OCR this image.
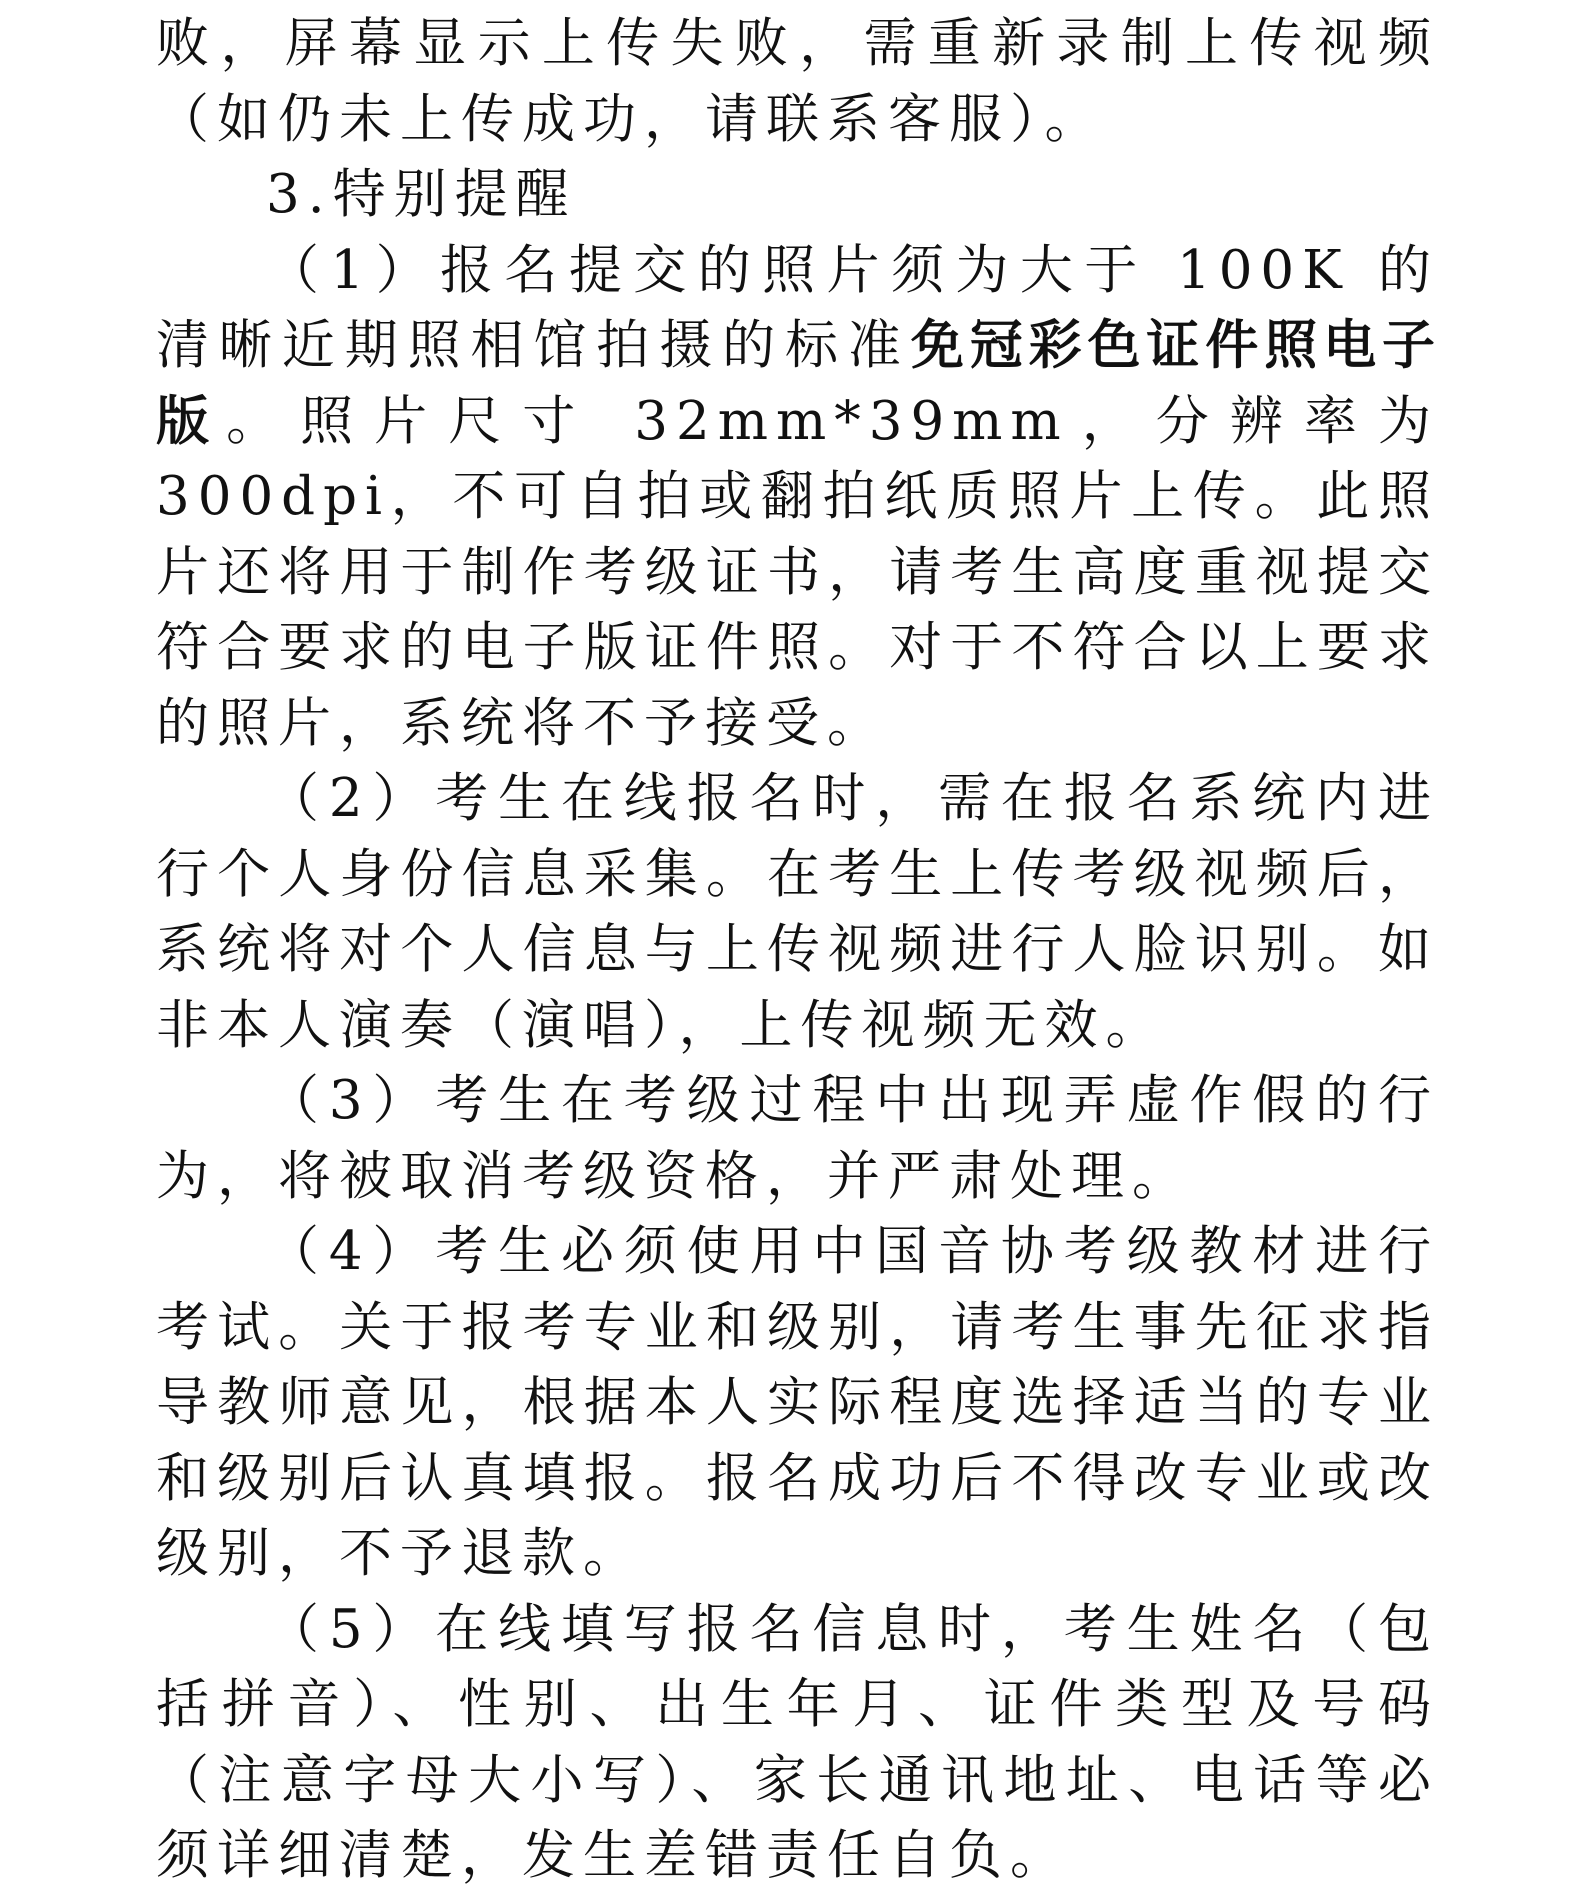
败，屏幕显示上传失败，需重新录制上传视频（如仍未上传成功，请联系客服）。

3.特别提醒

（1）报名提交的照片须为大于 100K 的清晰近期照相馆拍摄的标准免冠彩色证件照电子版。照片尺寸 32mm*39mm，分辨率为 300dpi，不可自拍或翻拍纸质照片上传。此照片还将用于制作考级证书，请考生高度重视提交符合要求的电子版证件照。对于不符合以上要求的照片，系统将不予接受。

（2）考生在线报名时，需在报名系统内进行个人身份信息采集。在考生上传考级视频后，系统将对个人信息与上传视频进行人脸识别。如非本人演奏（演唱），上传视频无效。

（3）考生在考级过程中出现弄虚作假的行为，将被取消考级资格，并严肃处理。

（4）考生必须使用中国音协考级教材进行考试。关于报考专业和级别，请考生事先征求指导教师意见，根据本人实际程度选择适当的专业和级别后认真填报。报名成功后不得改专业或改级别，不予退款。

（5）在线填写报名信息时，考生姓名（包括拼音）、性别、出生年月、证件类型及号码（注意字母大小写）、家长通讯地址、电话等必须详细清楚，发生差错责任自负。
